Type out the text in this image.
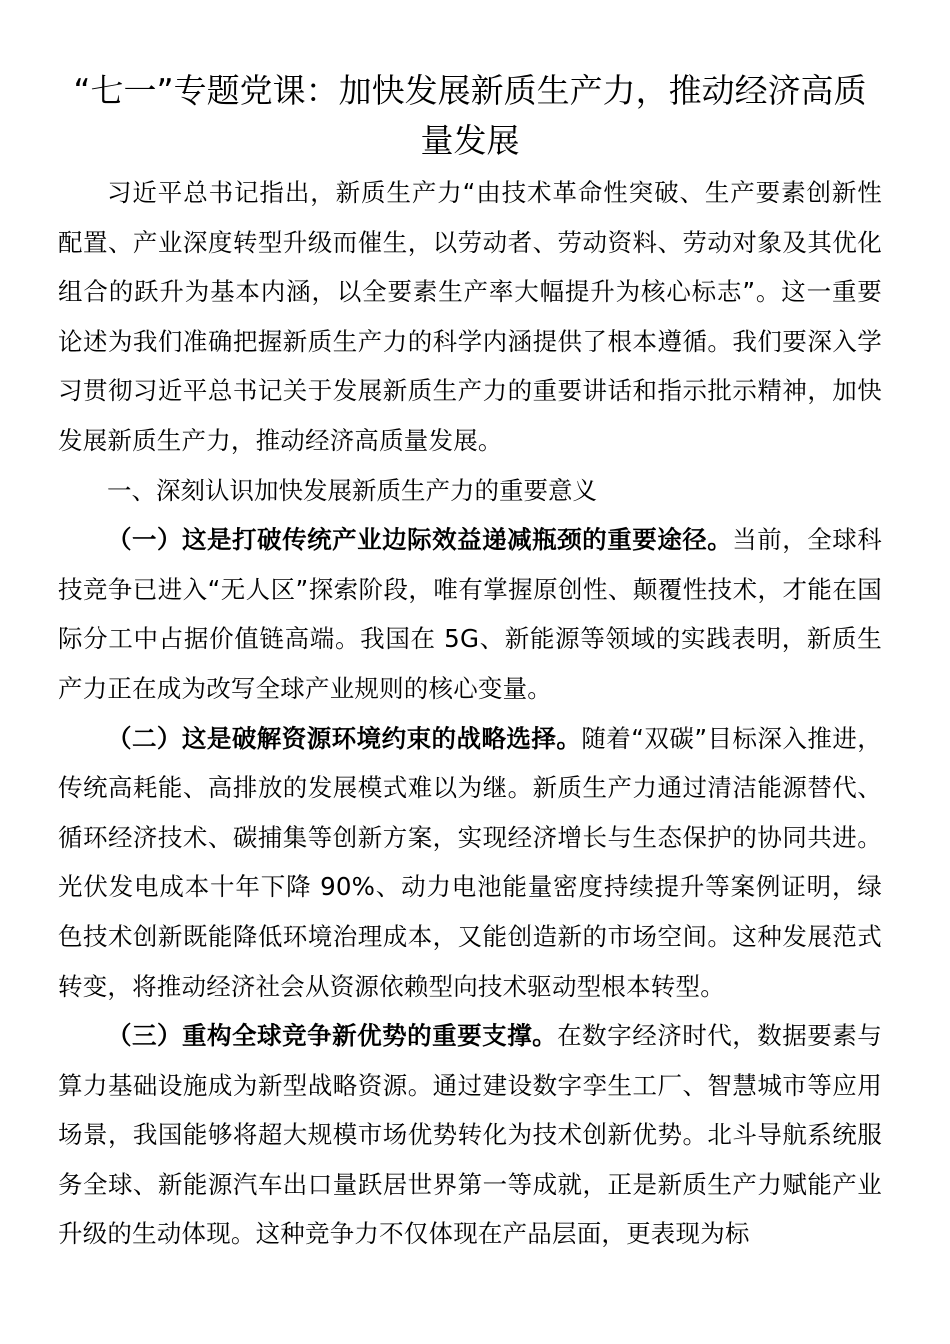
“七一”专题党课：加快发展新质生产力，推动经济高质量发展

习近平总书记指出，新质生产力“由技术革命性突破、生产要素创新性配置、产业深度转型升级而催生，以劳动者、劳动资料、劳动对象及其优化组合的跃升为基本内涵，以全要素生产率大幅提升为核心标志”。这一重要论述为我们准确把握新质生产力的科学内涵提供了根本遵循。我们要深入学习贯彻习近平总书记关于发展新质生产力的重要讲话和指示批示精神，加快发展新质生产力，推动经济高质量发展。

一、深刻认识加快发展新质生产力的重要意义

（一）这是打破传统产业边际效益递减瓶颈的重要途径。当前，全球科技竞争已进入“无人区”探索阶段，唯有掌握原创性、颠覆性技术，才能在国际分工中占据价值链高端。我国在 5G、新能源等领域的实践表明，新质生产力正在成为改写全球产业规则的核心变量。

（二）这是破解资源环境约束的战略选择。随着“双碳”目标深入推进，传统高耗能、高排放的发展模式难以为继。新质生产力通过清洁能源替代、循环经济技术、碳捕集等创新方案，实现经济增长与生态保护的协同共进。光伏发电成本十年下降 90%、动力电池能量密度持续提升等案例证明，绿色技术创新既能降低环境治理成本，又能创造新的市场空间。这种发展范式转变，将推动经济社会从资源依赖型向技术驱动型根本转型。

（三）重构全球竞争新优势的重要支撑。在数字经济时代，数据要素与算力基础设施成为新型战略资源。通过建设数字孪生工厂、智慧城市等应用场景，我国能够将超大规模市场优势转化为技术创新优势。北斗导航系统服务全球、新能源汽车出口量跃居世界第一等成就，正是新质生产力赋能产业升级的生动体现。这种竞争力不仅体现在产品层面，更表现为标
